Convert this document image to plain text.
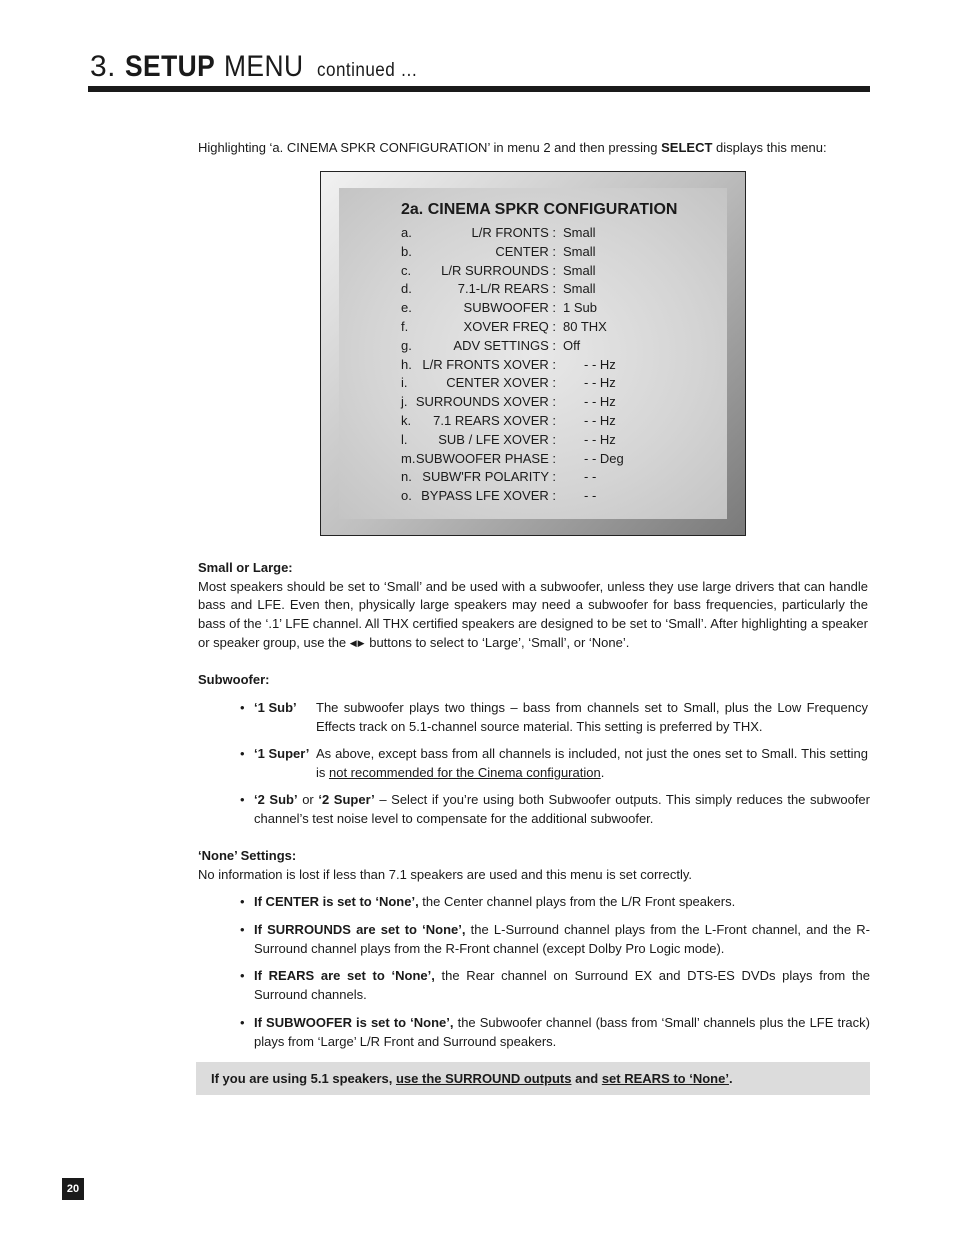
3. SETUP MENU continued …
Highlighting ‘a. CINEMA SPKR CONFIGURATION’ in menu 2 and then pressing SELECT displays this menu:
2a. CINEMA SPKR CONFIGURATION
a.	L/R FRONTS : Small
b.	CENTER : Small
c. L/R SURROUNDS : Small
d.	7.1-L/R REARS : Small
e.	SUBWOOFER : 1 Sub
f.	XOVER FREQ : 80 THX
g.	ADV SETTINGS : Off
h. L/R FRONTS XOVER : - - Hz
i.	CENTER XOVER : - - Hz
j. SURROUNDS XOVER : - - Hz
k. 7.1 REARS XOVER : - - Hz
l. SUB / LFE XOVER : - - Hz
m. SUBWOOFER PHASE : - - Deg
n. SUBW'FR POLARITY : - -
o. BYPASS LFE XOVER : - -
Small or Large:
Most speakers should be set to ‘Small’ and be used with a subwoofer, unless they use large drivers that can handle bass and LFE. Even then, physically large speakers may need a subwoofer for bass frequencies, particularly the bass of the ‘.1’ LFE channel. All THX certified speakers are designed to be set to ‘Small’. After highlighting a speaker or speaker group, use the ◀▶ buttons to select to ‘Large’, ‘Small’, or ‘None’.
Subwoofer:
• ‘1 Sub’ The subwoofer plays two things – bass from channels set to Small, plus the Low Frequency Effects track on 5.1-channel source material. This setting is preferred by THX.
• ‘1 Super’ As above, except bass from all channels is included, not just the ones set to Small. This setting is not recommended for the Cinema configuration.
• ‘2 Sub’ or ‘2 Super’ – Select if you’re using both Subwoofer outputs. This simply reduces the subwoofer channel’s test noise level to compensate for the additional subwoofer.
‘None’ Settings:
No information is lost if less than 7.1 speakers are used and this menu is set correctly.
• If CENTER is set to ‘None’, the Center channel plays from the L/R Front speakers.
• If SURROUNDS are set to ‘None’, the L-Surround channel plays from the L-Front channel, and the R-Surround channel plays from the R-Front channel (except Dolby Pro Logic mode).
• If REARS are set to ‘None’, the Rear channel on Surround EX and DTS-ES DVDs plays from the Surround channels.
• If SUBWOOFER is set to ‘None’, the Subwoofer channel (bass from ‘Small’ channels plus the LFE track) plays from ‘Large’ L/R Front and Surround speakers.
If you are using 5.1 speakers, use the SURROUND outputs and set REARS to ‘None’.
20
